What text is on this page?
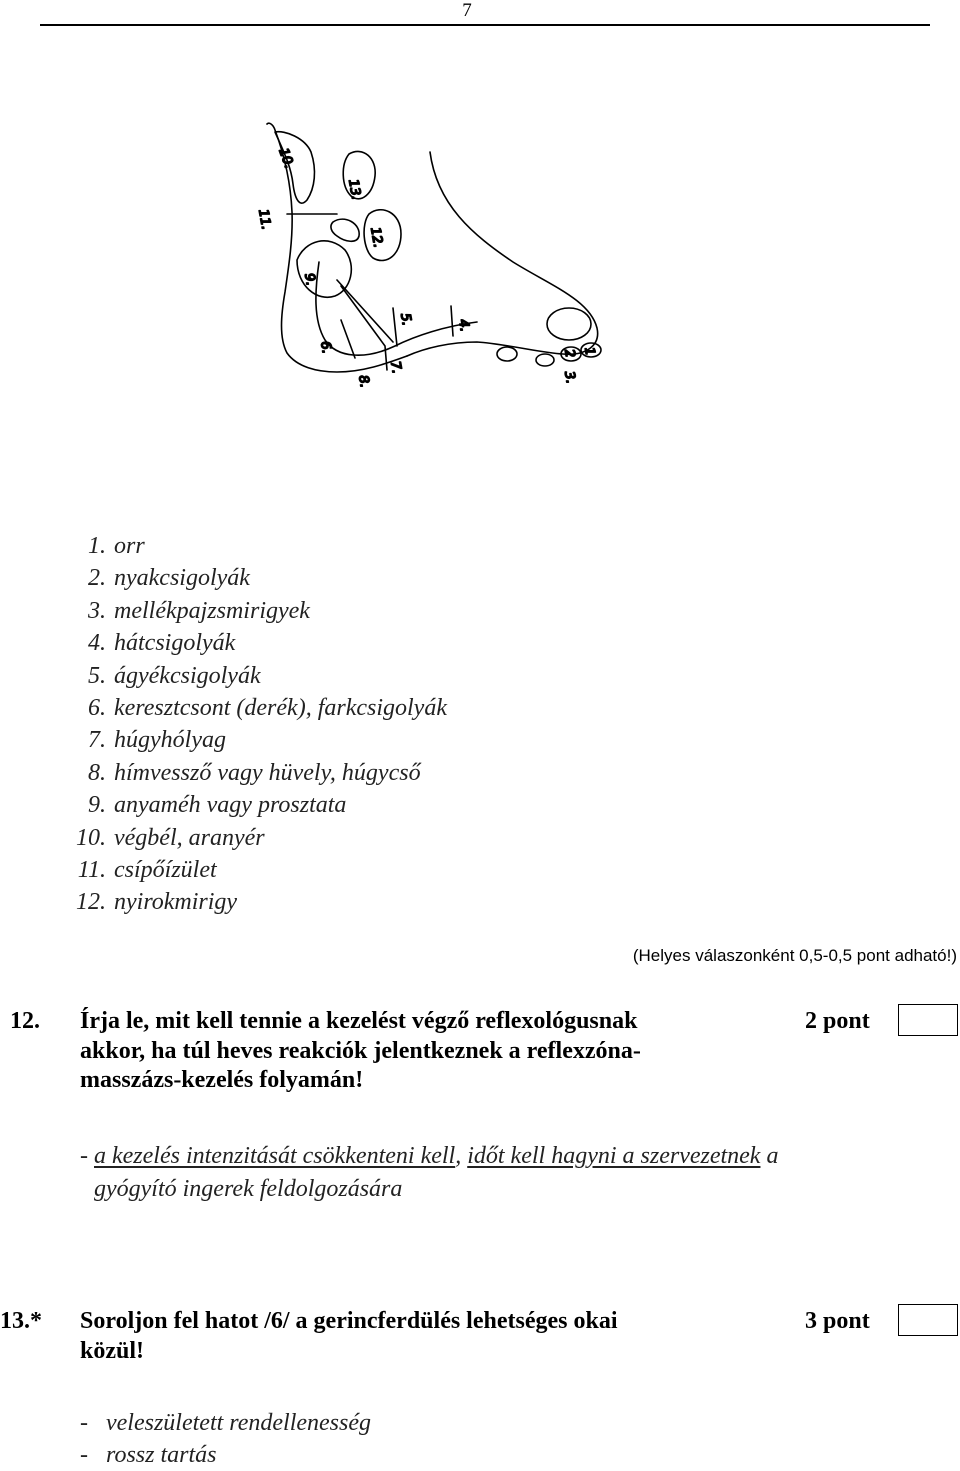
7
10.
13.
11.
12.
9.
5.	4.
6.
7.
8.
1
2
3.
1. orr
2. nyakcsigolyák
3. mellékpajzsmirigyek
4. hátcsigolyák
5. ágyékcsigolyák
6. keresztcsont (derék), farkcsigolyák
7. húgyhólyag
8. hímvessző vagy hüvely, húgycső
9. anyaméh vagy prosztata
10. végbél, aranyér
11. csípőízület
12. nyirokmirigy
(Helyes válaszonként 0,5-0,5 pont adható!)
12. Írja le, mit kell tennie a kezelést végző reflexológusnak
akkor, ha túl heves reakciók jelentkeznek a reflexzóna-
masszázs-kezelés folyamán!
2 pont
- a kezelés intenzitását csökkenteni kell, időt kell hagyni a szervezetnek a
gyógyító ingerek feldolgozására
13.* Soroljon fel hatot /6/ a gerincferdülés lehetséges okai
közül!
3 pont
- veleszületett rendellenesség
- rossz tartás
